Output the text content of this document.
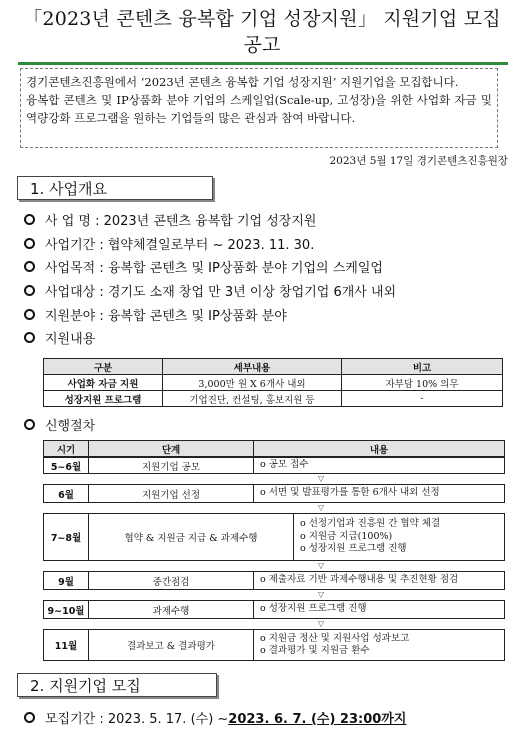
「2023년 콘텐츠 융복합 기업 성장지원」 지원기업 모집
공고

경기콘텐츠진흥원에서 ‘2023년 콘텐츠 융복합 기업 성장지원’ 지원기업을 모집합니다.

융복합 콘텐츠 및 IP상품화 분야 기업의 스케일업(Scale-up, 고성장)을 위한 사업화 자금 및 역량강화 프로그램을 원하는 기업들의 많은 관심과 참여 바랍니다.

2023년 5월 17일 경기콘텐츠진흥원장
1. 사업개요
사 업 명 : 2023년 콘텐츠 융복합 기업 성장지원
사업기간 : 협약체결일로부터 ~ 2023. 11. 30.
사업목적 : 융복합 콘텐츠 및 IP상품화 분야 기업의 스케일업
사업대상 : 경기도 소재 창업 만 3년 이상 창업기업 6개사 내외
지원분야 : 융복합 콘텐츠 및 IP상품화 분야
지원내용
구분	세부내용	비고
사업화 자금 지원	3,000만 원 X 6개사 내외	자부담 10% 의무
성장지원 프로그램	기업진단, 컨설팅, 홍보지원 등	-
신행절차
시기	단계	내용
5~6월	지원기업 공모	o 공모 접수
▽
6월	지원기업 선정	o 서면 및 발표평가를 통한 6개사 내외 선정
▽
7~8월	협약 & 지원금 지급 & 과제수행
o 선정기업과 진흥원 간 협약 체결
o 지원금 지급(100%)
o 성장지원 프로그램 진행
▽
9월	중간점검	o 제출자료 기반 과제수행내용 및 추진현황 점검
▽
9~10월	과제수행	o 성장지원 프로그램 진행
▽
11월	결과보고 & 결과평가
o 지원금 정산 및 지원사업 성과보고
o 결과평가 및 지원금 환수
2. 지원기업 모집
모집기간 : 2023. 5. 17. (수) ~ 2023. 6. 7. (수) 23:00까지
